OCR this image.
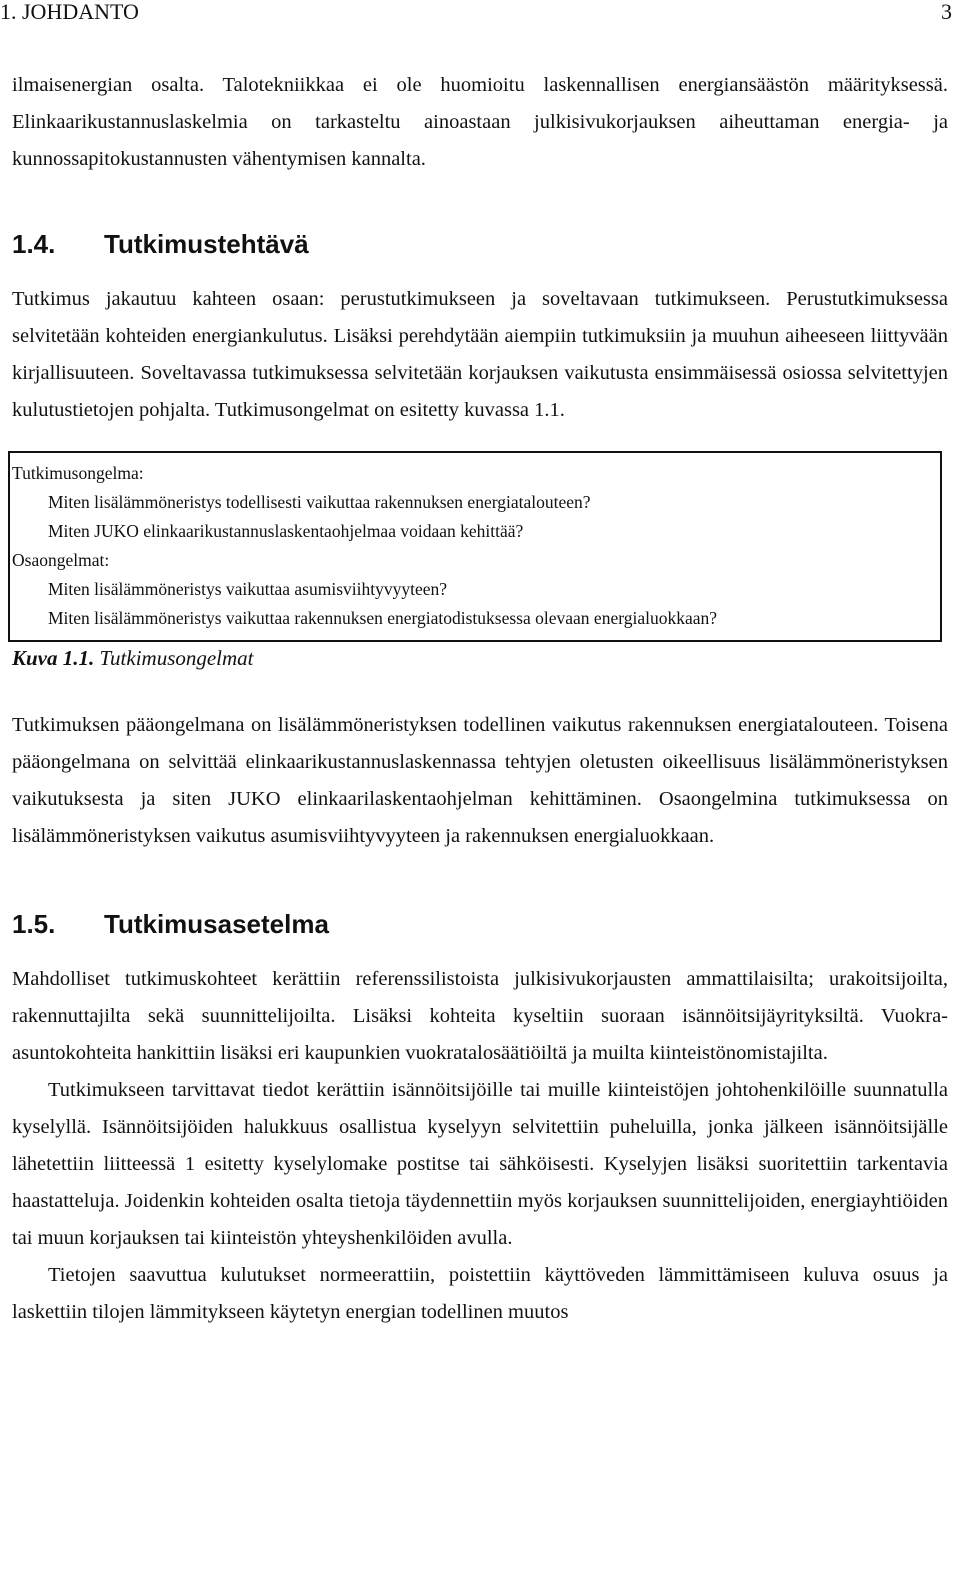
1. JOHDANTO	3

ilmaisenergian osalta. Talotekniikkaa ei ole huomioitu laskennallisen energiansäästön määrityksessä. Elinkaarikustannuslaskelmia on tarkasteltu ainoastaan julkisivukorjauksen aiheuttaman energia- ja kunnossapitokustannusten vähentymisen kannalta.

1.4.	Tutkimustehtävä

Tutkimus jakautuu kahteen osaan: perustutkimukseen ja soveltavaan tutkimukseen. Perustutkimuksessa selvitetään kohteiden energiankulutus. Lisäksi perehdytään aiempiin tutkimuksiin ja muuhun aiheeseen liittyvään kirjallisuuteen. Soveltavassa tutkimuksessa selvitetään korjauksen vaikutusta ensimmäisessä osiossa selvitettyjen kulutustietojen pohjalta. Tutkimusongelmat on esitetty kuvassa 1.1.

Tutkimusongelma:
Miten lisälämmöneristys todellisesti vaikuttaa rakennuksen energiatalouteen?
Miten JUKO elinkaarikustannuslaskentaohjelmaa voidaan kehittää?
Osaongelmat:
Miten lisälämmöneristys vaikuttaa asumisviihtyvyyteen?
Miten lisälämmöneristys vaikuttaa rakennuksen energiatodistuksessa olevaan energialuokkaan?
Kuva 1.1. Tutkimusongelmat

Tutkimuksen pääongelmana on lisälämmöneristyksen todellinen vaikutus rakennuksen energiatalouteen. Toisena pääongelmana on selvittää elinkaarikustannuslaskennassa tehtyjen oletusten oikeellisuus lisälämmöneristyksen vaikutuksesta ja siten JUKO elinkaarilaskentaohjelman kehittäminen. Osaongelmina tutkimuksessa on lisälämmöneristyksen vaikutus asumisviihtyvyyteen ja rakennuksen energialuokkaan.

1.5.	Tutkimusasetelma

Mahdolliset tutkimuskohteet kerättiin referenssilistoista julkisivukorjausten ammattilaisilta; urakoitsijoilta, rakennuttajilta sekä suunnittelijoilta. Lisäksi kohteita kyseltiin suoraan isännöitsijäyrityksiltä. Vuokra-asuntokohteita hankittiin lisäksi eri kaupunkien vuokratalosäätiöiltä ja muilta kiinteistönomistajilta.

Tutkimukseen tarvittavat tiedot kerättiin isännöitsijöille tai muille kiinteistöjen johtohenkilöille suunnatulla kyselyllä. Isännöitsijöiden halukkuus osallistua kyselyyn selvitettiin puheluilla, jonka jälkeen isännöitsijälle lähetettiin liitteessä 1 esitetty kyselylomake postitse tai sähköisesti. Kyselyjen lisäksi suoritettiin tarkentavia haastatteluja. Joidenkin kohteiden osalta tietoja täydennettiin myös korjauksen suunnittelijoiden, energiayhtiöiden tai muun korjauksen tai kiinteistön yhteyshenkilöiden avulla.

Tietojen saavuttua kulutukset normeerattiin, poistettiin käyttöveden lämmittämiseen kuluva osuus ja laskettiin tilojen lämmitykseen käytetyn energian todellinen muutos
